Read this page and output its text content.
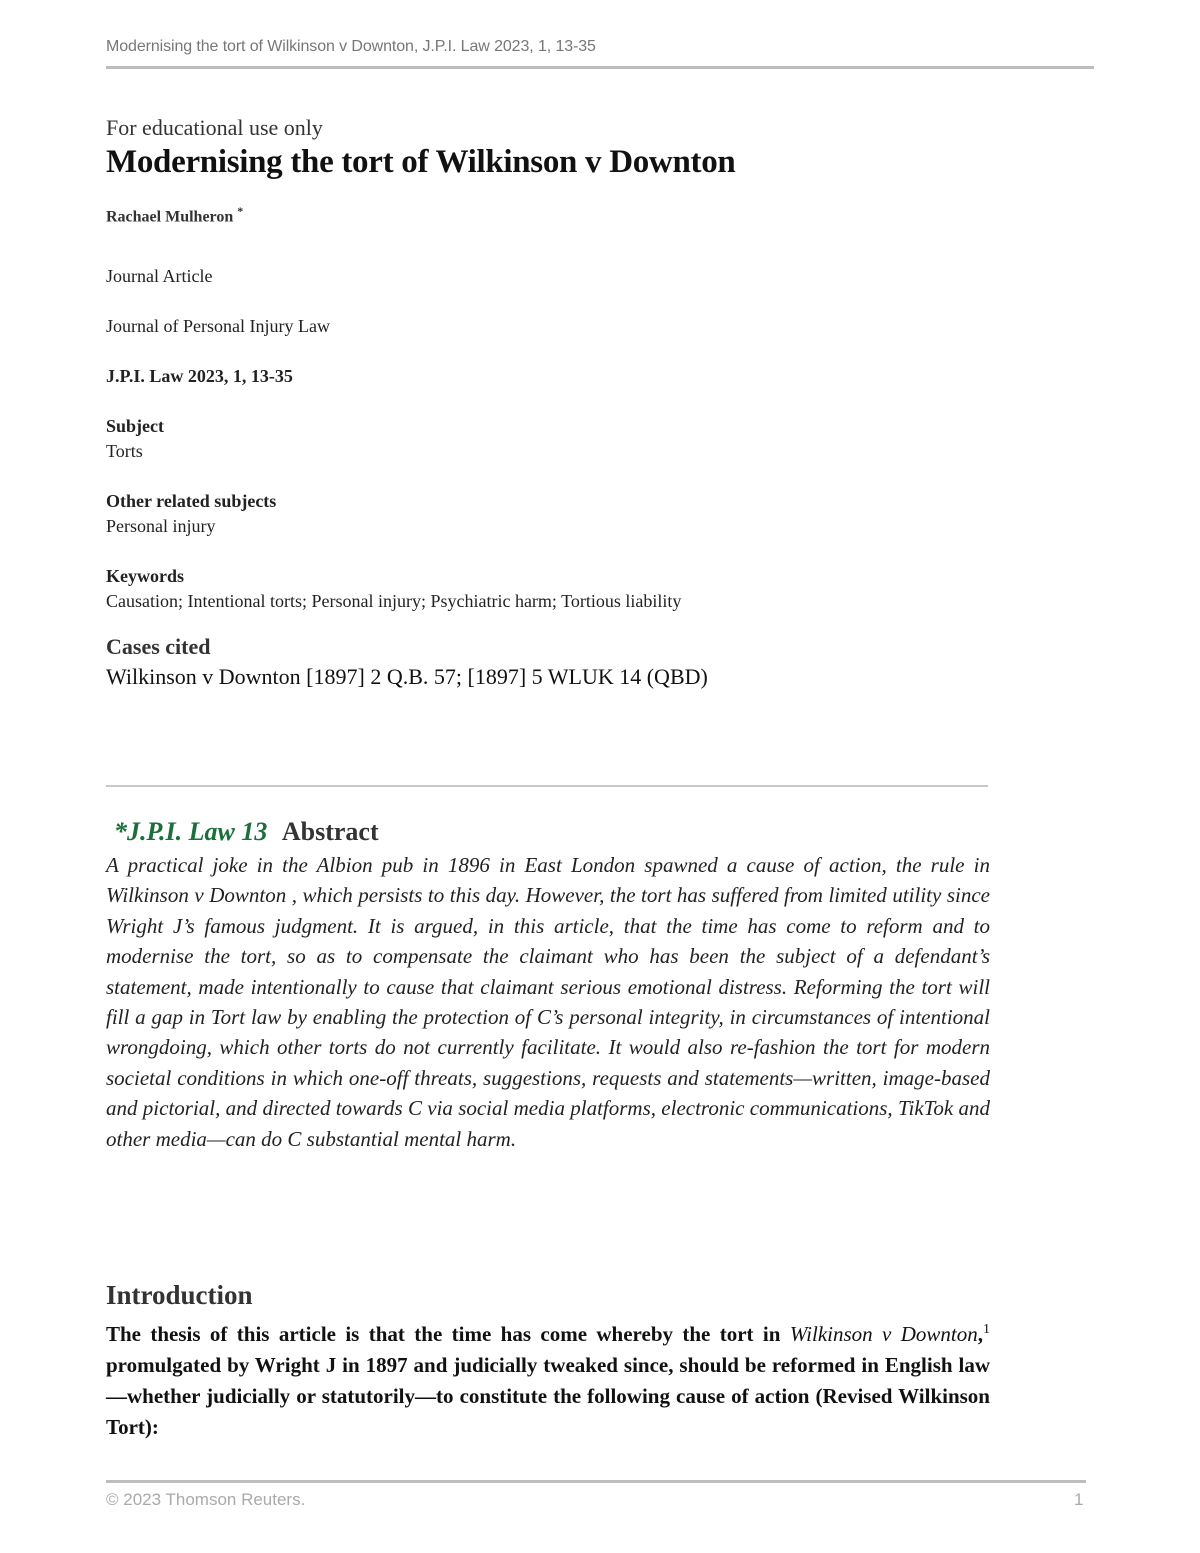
Modernising the tort of Wilkinson v Downton, J.P.I. Law 2023, 1, 13-35

For educational use only

Modernising the tort of Wilkinson v Downton
Rachael Mulheron *
Journal Article
Journal of Personal Injury Law
J.P.I. Law 2023, 1, 13-35
Subject
Torts
Other related subjects
Personal injury
Keywords
Causation; Intentional torts; Personal injury; Psychiatric harm; Tortious liability
Cases cited
Wilkinson v Downton [1897] 2 Q.B. 57; [1897] 5 WLUK 14 (QBD)
*J.P.I. Law 13 Abstract
A practical joke in the Albion pub in 1896 in East London spawned a cause of action, the rule in Wilkinson v Downton , which persists to this day. However, the tort has suffered from limited utility since Wright J’s famous judgment. It is argued, in this article, that the time has come to reform and to modernise the tort, so as to compensate the claimant who has been the subject of a defendant’s statement, made intentionally to cause that claimant serious emotional distress. Reforming the tort will fill a gap in Tort law by enabling the protection of C’s personal integrity, in circumstances of intentional wrongdoing, which other torts do not currently facilitate. It would also re-fashion the tort for modern societal conditions in which one-off threats, suggestions, requests and statements—written, image-based and pictorial, and directed towards C via social media platforms, electronic communications, TikTok and other media—can do C substantial mental harm.
Introduction
The thesis of this article is that the time has come whereby the tort in Wilkinson v Downton,$^1$ promulgated by Wright J in 1897 and judicially tweaked since, should be reformed in English law—whether judicially or statutorily—to constitute the following cause of action (Revised Wilkinson Tort):
© 2023 Thomson Reuters.	1
